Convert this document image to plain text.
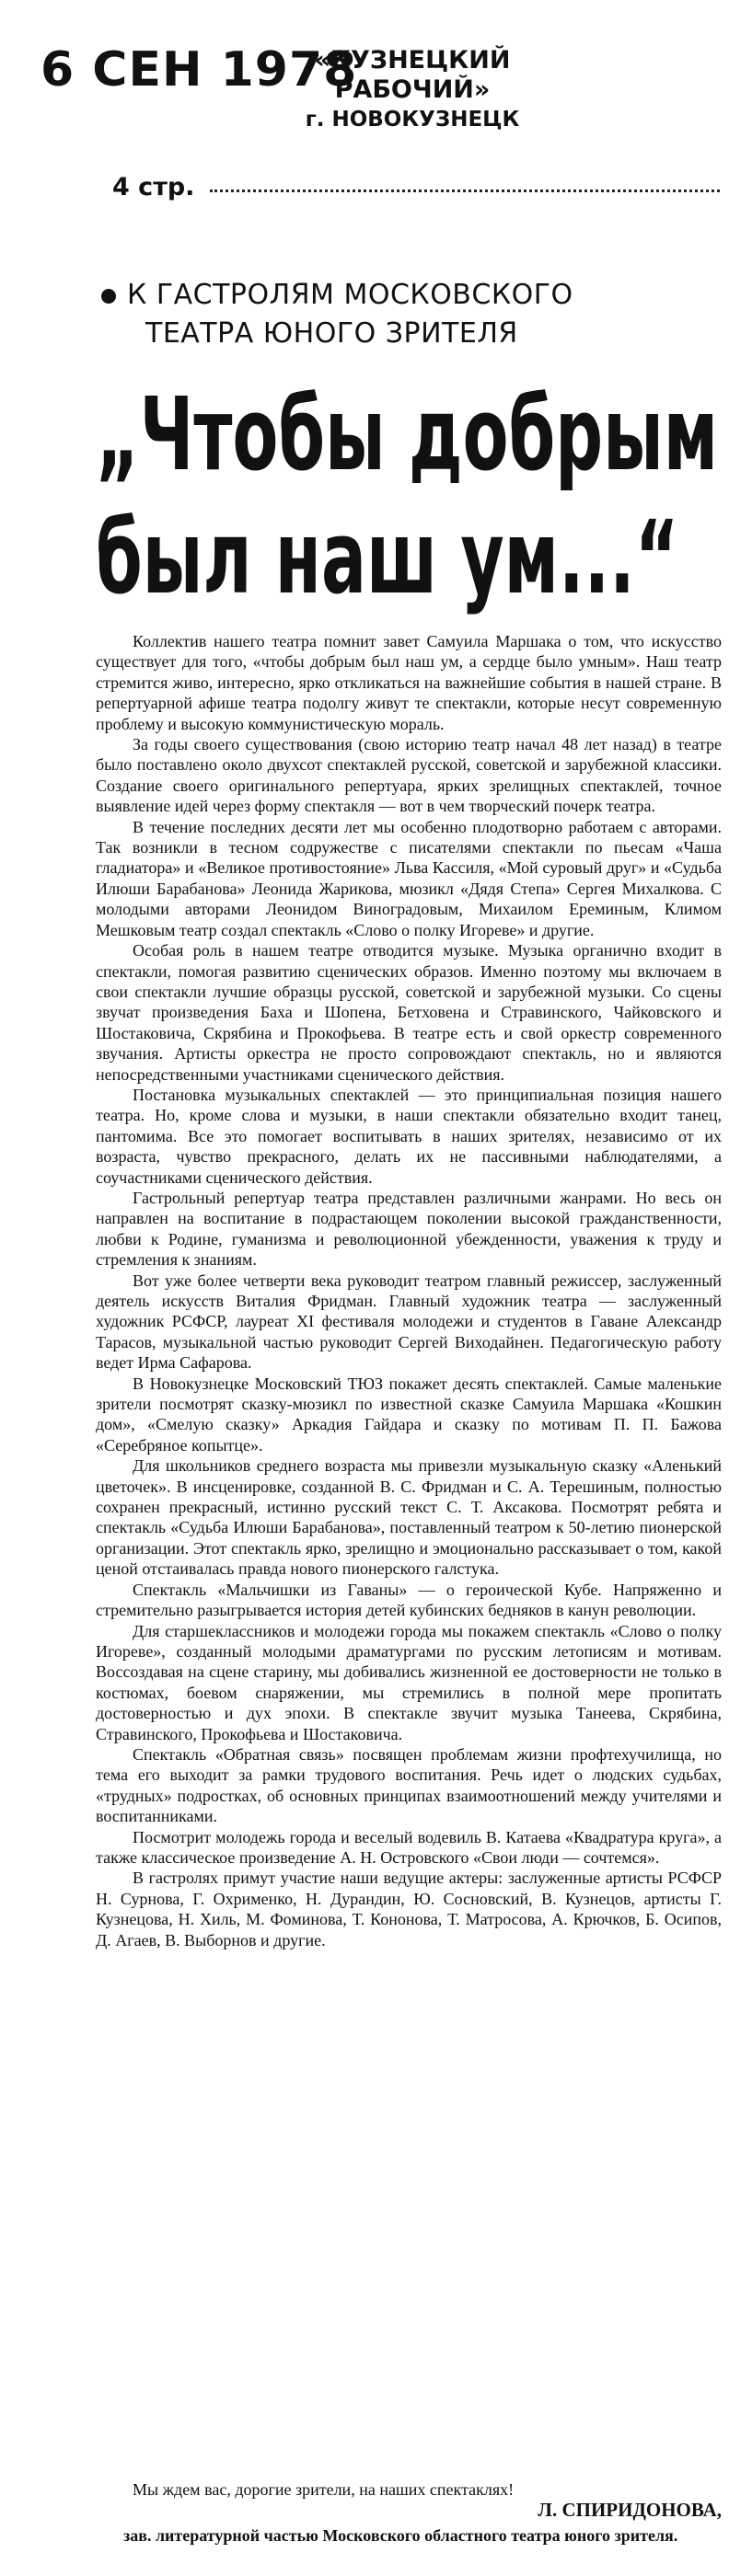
6 СЕН 1978
«КУЗНЕЦКИЙ РАБОЧИЙ»
г. НОВОКУЗНЕЦК
4 стр.
К ГАСТРОЛЯМ МОСКОВСКОГО
ТЕАТРА ЮНОГО ЗРИТЕЛЯ
„Чтобы добрым
был наш ум...“

Коллектив нашего театра помнит завет Самуила Маршака о том, что искусство существует для того, «чтобы добрым был наш ум, а сердце было умным». Наш театр стремится живо, интересно, ярко откликаться на важнейшие события в нашей стране. В репертуарной афише театра подолгу живут те спектакли, которые несут современную проблему и высокую коммунистическую мораль.

За годы своего существования (свою историю театр начал 48 лет назад) в театре было поставлено около двухсот спектаклей русской, советской и зарубежной классики. Создание своего оригинального репертуара, ярких зрелищных спектаклей, точное выявление идей через форму спектакля — вот в чем творческий почерк театра.

В течение последних десяти лет мы особенно плодотворно работаем с авторами. Так возникли в тесном содружестве с писателями спектакли по пьесам «Чаша гладиатора» и «Великое противостояние» Льва Кассиля, «Мой суровый друг» и «Судьба Илюши Барабанова» Леонида Жарикова, мюзикл «Дядя Степа» Сергея Михалкова. С молодыми авторами Леонидом Виноградовым, Михаилом Ереминым, Климом Мешковым театр создал спектакль «Слово о полку Игореве» и другие.

Особая роль в нашем театре отводится музыке. Музыка органично входит в спектакли, помогая развитию сценических образов. Именно поэтому мы включаем в свои спектакли лучшие образцы русской, советской и зарубежной музыки. Со сцены звучат произведения Баха и Шопена, Бетховена и Стравинского, Чайковского и Шостаковича, Скрябина и Прокофьева. В театре есть и свой оркестр современного звучания. Артисты оркестра не просто сопровождают спектакль, но и являются непосредственными участниками сценического действия.

Постановка музыкальных спектаклей — это принципиальная позиция нашего театра. Но, кроме слова и музыки, в наши спектакли обязательно входит танец, пантомима. Все это помогает воспитывать в наших зрителях, независимо от их возраста, чувство прекрасного, делать их не пассивными наблюдателями, а соучастниками сценического действия.

Гастрольный репертуар театра представлен различными жанрами. Но весь он направлен на воспитание в подрастающем поколении высокой гражданственности, любви к Родине, гуманизма и революционной убежденности, уважения к труду и стремления к знаниям.

Вот уже более четверти века руководит театром главный режиссер, заслуженный деятель искусств Виталия Фридман. Главный художник театра — заслуженный художник РСФСР, лауреат XI фестиваля молодежи и студентов в Гаване Александр Тарасов, музыкальной частью руководит Сергей Виходайнен. Педагогическую работу ведет Ирма Сафарова.

В Новокузнецке Московский ТЮЗ покажет десять спектаклей. Самые маленькие зрители посмотрят сказку-мюзикл по известной сказке Самуила Маршака «Кошкин дом», «Смелую сказку» Аркадия Гайдара и сказку по мотивам П. П. Бажова «Серебряное копытце».

Для школьников среднего возраста мы привезли музыкальную сказку «Аленький цветочек». В инсценировке, созданной В. С. Фридман и С. А. Терешиным, полностью сохранен прекрасный, истинно русский текст С. Т. Аксакова. Посмотрят ребята и спектакль «Судьба Илюши Барабанова», поставленный театром к 50-летию пионерской организации. Этот спектакль ярко, зрелищно и эмоционально рассказывает о том, какой ценой отстаивалась правда нового пионерского галстука.

Спектакль «Мальчишки из Гаваны» — о героической Кубе. Напряженно и стремительно разыгрывается история детей кубинских бедняков в канун революции.

Для старшеклассников и молодежи города мы покажем спектакль «Слово о полку Игореве», созданный молодыми драматургами по русским летописям и мотивам. Воссоздавая на сцене старину, мы добивались жизненной ее достоверности не только в костюмах, боевом снаряжении, мы стремились в полной мере пропитать достоверностью и дух эпохи. В спектакле звучит музыка Танеева, Скрябина, Стравинского, Прокофьева и Шостаковича.

Спектакль «Обратная связь» посвящен проблемам жизни профтехучилища, но тема его выходит за рамки трудового воспитания. Речь идет о людских судьбах, «трудных» подростках, об основных принципах взаимоотношений между учителями и воспитанниками.

Посмотрит молодежь города и веселый водевиль В. Катаева «Квадратура круга», а также классическое произведение А. Н. Островского «Свои люди — сочтемся».

В гастролях примут участие наши ведущие актеры: заслуженные артисты РСФСР Н. Сурнова, Г. Охрименко, Н. Дурандин, Ю. Сосновский, В. Кузнецов, артисты Г. Кузнецова, Н. Хиль, М. Фоминова, Т. Кононова, Т. Матросова, А. Крючков, Б. Осипов, Д. Агаев, В. Выборнов и другие.

Мы ждем вас, дорогие зрители, на наших спектаклях!
Л. СПИРИДОНОВА,
зав. литературной частью Московского областного театра юного зрителя.
